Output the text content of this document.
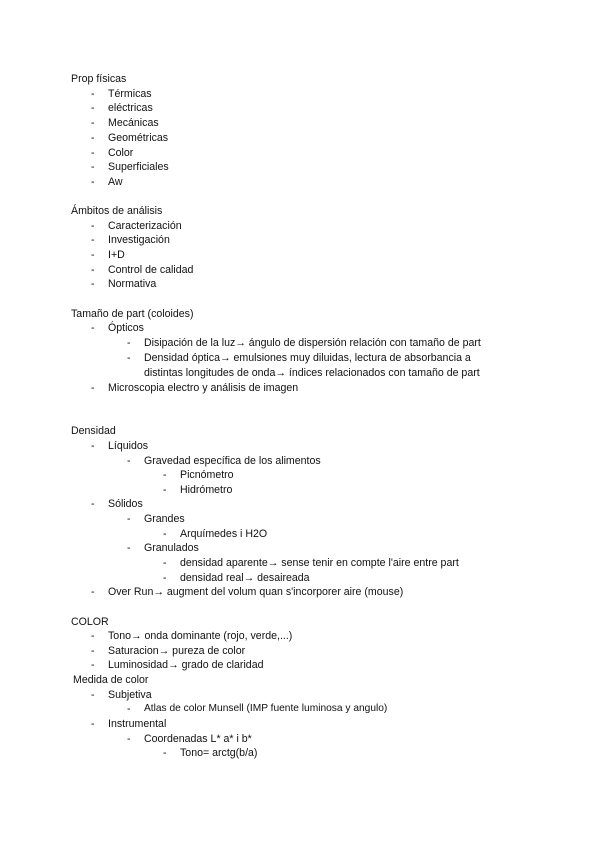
Prop físicas
- Térmicas
- eléctricas
- Mecánicas
- Geométricas
- Color
- Superficiales
- Aw
Ámbitos de análisis
- Caracterización
- Investigación
- I+D
- Control de calidad
- Normativa
Tamaño de part (coloides)
- Ópticos
- Disipación de la luz→ ángulo de dispersión relación con tamaño de part
- Densidad óptica→ emulsiones muy diluidas, lectura de absorbancia a
distintas longitudes de onda→ índices relacionados con tamaño de part
- Microscopia electro y análisis de imagen
Densidad
- Líquidos
- Gravedad específica de los alimentos
- Picnómetro
- Hidrómetro
- Sólidos
- Grandes
- Arquímedes i H2O
- Granulados
- densidad aparente→ sense tenir en compte l'aire entre part
- densidad real→ desaireada
- Over Run→ augment del volum quan s'incorporer aire (mouse)
COLOR
- Tono→ onda dominante (rojo, verde,...)
- Saturacion→ pureza de color
- Luminosidad→ grado de claridad
Medida de color
- Subjetiva
- Atlas de color Munsell (IMP fuente luminosa y angulo)
- Instrumental
- Coordenadas L* a* i b*
- Tono= arctg(b/a)
